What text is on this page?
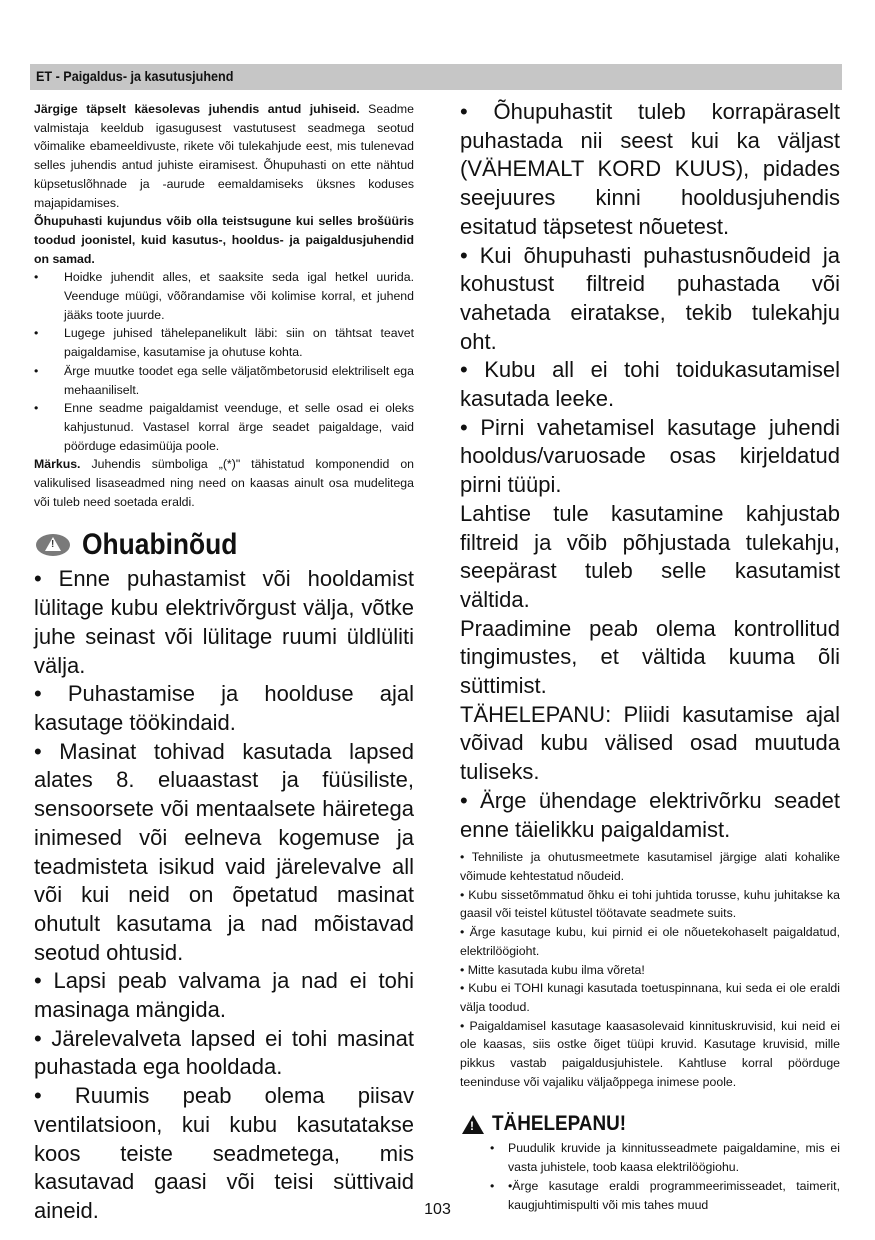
ET - Paigaldus- ja kasutusjuhend

Järgige täpselt käesolevas juhendis antud juhiseid. Seadme valmistaja keeldub igasugusest vastutusest seadmega seotud võimalike ebameeldivuste, rikete või tulekahjude eest, mis tulenevad selles juhendis antud juhiste eiramisest. Õhupuhasti on ette nähtud küpsetuslõhnade ja -aurude eemaldamiseks üksnes koduses majapidamises.

Õhupuhasti kujundus võib olla teistsugune kui selles brošüüris toodud joonistel, kuid kasutus-, hooldus- ja paigaldusjuhendid on samad.

• Hoidke juhendit alles, et saaksite seda igal hetkel uurida. Veenduge müügi, võõrandamise või kolimise korral, et juhend jääks toote juurde.
• Lugege juhised tähelepanelikult läbi: siin on tähtsat teavet paigaldamise, kasutamise ja ohutuse kohta.
• Ärge muutke toodet ega selle väljatõmbetorusid elektriliselt ega mehaaniliselt.
• Enne seadme paigaldamist veenduge, et selle osad ei oleks kahjustunud. Vastasel korral ärge seadet paigaldage, vaid pöörduge edasimüüja poole.

Märkus. Juhendis sümboliga „(*)" tähistatud komponendid on valikulised lisaseadmed ning need on kaasas ainult osa mudelitega või tuleb need soetada eraldi.

!
Ohuabinõud

• Enne puhastamist või hooldamist lülitage kubu elektrivõrgust välja, võtke juhe seinast või lülitage ruumi üldlüliti välja.

• Puhastamise ja hoolduse ajal kasutage töökindaid.

• Masinat tohivad kasutada lapsed alates 8. eluaastast ja füüsiliste, sensoorsete või mentaalsete häiretega inimesed või eelneva kogemuse ja teadmisteta isikud vaid järelevalve all või kui neid on õpetatud masinat ohutult kasutama ja nad mõistavad seotud ohtusid.

• Lapsi peab valvama ja nad ei tohi masinaga mängida.

• Järelevalveta lapsed ei tohi masinat puhastada ega hooldada.

• Ruumis peab olema piisav ventilatsioon, kui kubu kasutatakse koos teiste seadmetega, mis kasutavad gaasi või teisi süttivaid aineid.

• Õhupuhastit tuleb korrapäraselt puhastada nii seest kui ka väljast (VÄHEMALT KORD KUUS), pidades seejuures kinni hooldusjuhendis esitatud täpsetest nõuetest.

• Kui õhupuhasti puhastusnõudeid ja kohustust filtreid puhastada või vahetada eiratakse, tekib tulekahju oht.

• Kubu all ei tohi toidukasutamisel kasutada leeke.

• Pirni vahetamisel kasutage juhendi hooldus/varuosade osas kirjeldatud pirni tüüpi.

Lahtise tule kasutamine kahjustab filtreid ja võib põhjustada tulekahju, seepärast tuleb selle kasutamist vältida.

Praadimine peab olema kontrollitud tingimustes, et vältida kuuma õli süttimist.

TÄHELEPANU: Pliidi kasutamise ajal võivad kubu välised osad muutuda tuliseks.

• Ärge ühendage elektrivõrku seadet enne täielikku paigaldamist.

• Tehniliste ja ohutusmeetmete kasutamisel järgige alati kohalike võimude kehtestatud nõudeid.

• Kubu sissetõmmatud õhku ei tohi juhtida torusse, kuhu juhitakse ka gaasil või teistel kütustel töötavate seadmete suits.

• Ärge kasutage kubu, kui pirnid ei ole nõuetekohaselt paigaldatud, elektrilöögioht.

• Mitte kasutada kubu ilma võreta!

• Kubu ei TOHI kunagi kasutada toetuspinnana, kui seda ei ole eraldi välja toodud.

• Paigaldamisel kasutage kaasasolevaid kinnituskruvisid, kui neid ei ole kaasas, siis ostke õiget tüüpi kruvid. Kasutage kruvisid, mille pikkus vastab paigaldusjuhistele. Kahtluse korral pöörduge teeninduse või vajaliku väljaõppega inimese poole.

!
TÄHELEPANU!
• Puudulik kruvide ja kinnitusseadmete paigaldamine, mis ei vasta juhistele, toob kaasa elektrilöögiohu.
• •Ärge kasutage eraldi programmeerimisseadet, taimerit, kaugjuhtimispulti või mis tahes muud
103
